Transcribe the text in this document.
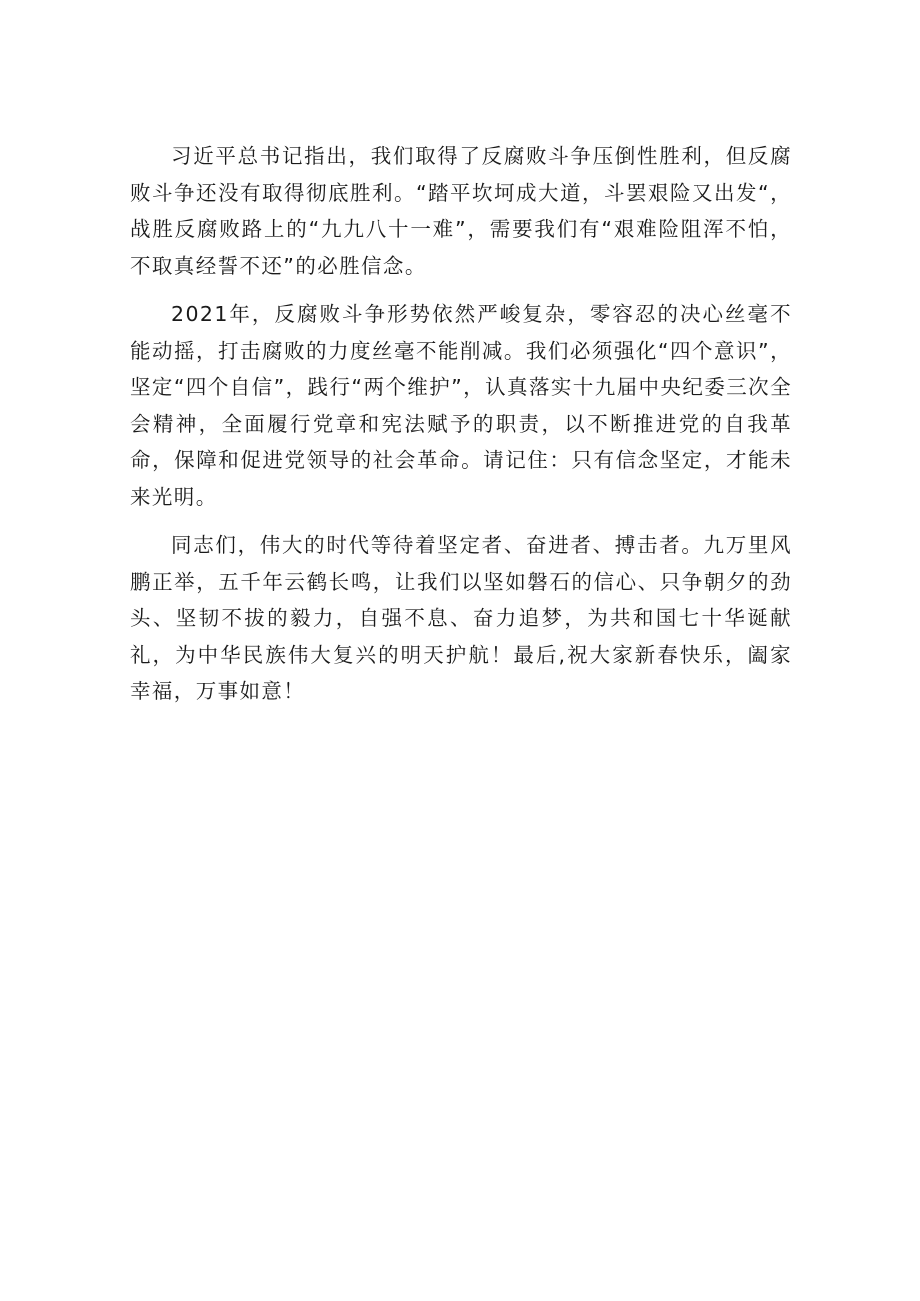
习近平总书记指出，我们取得了反腐败斗争压倒性胜利，但反腐败斗争还没有取得彻底胜利。“踏平坎坷成大道，斗罢艰险又出发“，战胜反腐败路上的“九九八十一难”，需要我们有“艰难险阻浑不怕，不取真经誓不还”的必胜信念。

2021年，反腐败斗争形势依然严峻复杂，零容忍的决心丝毫不能动摇，打击腐败的力度丝毫不能削减。我们必须强化“四个意识”，坚定“四个自信”，践行“两个维护”，认真落实十九届中央纪委三次全会精神，全面履行党章和宪法赋予的职责，以不断推进党的自我革命，保障和促进党领导的社会革命。请记住：只有信念坚定，才能未来光明。

同志们，伟大的时代等待着坚定者、奋进者、搏击者。九万里风鹏正举，五千年云鹤长鸣，让我们以坚如磐石的信心、只争朝夕的劲头、坚韧不拔的毅力，自强不息、奋力追梦，为共和国七十华诞献礼，为中华民族伟大复兴的明天护航！最后,祝大家新春快乐，阖家幸福，万事如意！
